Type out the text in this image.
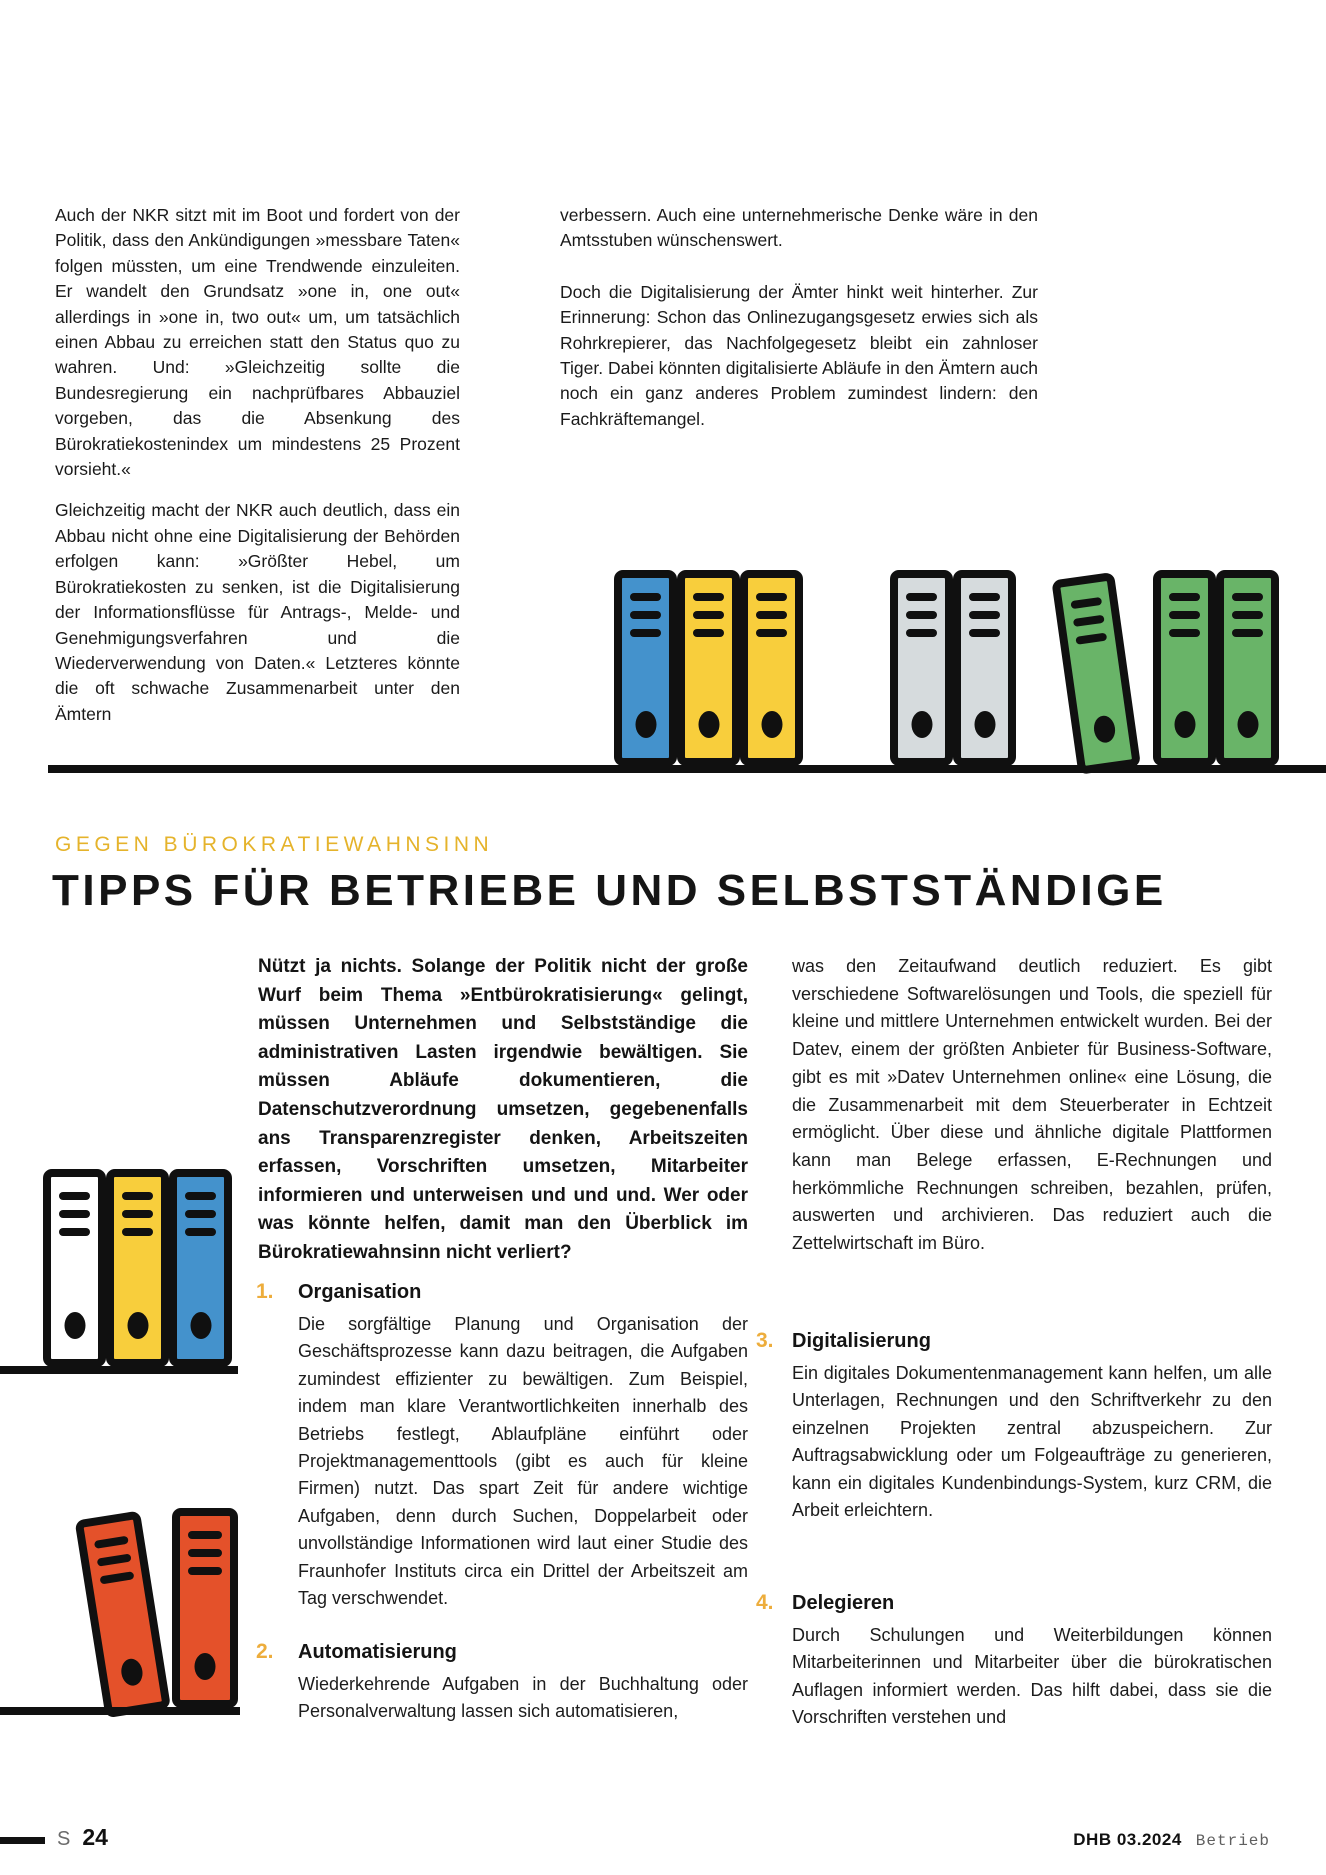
Auch der NKR sitzt mit im Boot und fordert von der Politik, dass den Ankündigungen »messbare Taten« folgen müssten, um eine Trendwende einzuleiten. Er wandelt den Grundsatz »one in, one out« allerdings in »one in, two out« um, um tatsächlich einen Abbau zu erreichen statt den Status quo zu wahren. Und: »Gleichzeitig sollte die Bundesregierung ein nachprüfbares Abbauziel vorgeben, das die Absenkung des Bürokratiekostenindex um mindestens 25 Prozent vorsieht.«

Gleichzeitig macht der NKR auch deutlich, dass ein Abbau nicht ohne eine Digitalisierung der Behörden erfolgen kann: »Größter Hebel, um Bürokratiekosten zu senken, ist die Digitalisierung der Informationsflüsse für Antrags-, Melde- und Genehmigungsverfahren und die Wiederverwendung von Daten.« Letzteres könnte die oft schwache Zusammenarbeit unter den Ämtern

verbessern. Auch eine unternehmerische Denke wäre in den Amtsstuben wünschenswert.

Doch die Digitalisierung der Ämter hinkt weit hinterher. Zur Erinnerung: Schon das Onlinezugangsgesetz erwies sich als Rohrkrepierer, das Nachfolgegesetz bleibt ein zahnloser Tiger. Dabei könnten digitalisierte Abläufe in den Ämtern auch noch ein ganz anderes Problem zumindest lindern: den Fachkräftemangel.

GEGEN BÜROKRATIEWAHNSINN
TIPPS FÜR BETRIEBE UND SELBSTSTÄNDIGE
Nützt ja nichts. Solange der Politik nicht der große Wurf beim Thema »Entbürokratisierung« gelingt, müssen Unternehmen und Selbstständige die administrativen Lasten irgendwie bewältigen. Sie müssen Abläufe dokumentieren, die Datenschutzverordnung umsetzen, gegebenenfalls ans Transparenzregister denken, Arbeitszeiten erfassen, Vorschriften umsetzen, Mitarbeiter informieren und unterweisen und und und. Wer oder was könnte helfen, damit man den Überblick im Bürokratiewahnsinn nicht verliert?
1. Organisation

Die sorgfältige Planung und Organisation der Geschäftsprozesse kann dazu beitragen, die Aufgaben zumindest effizienter zu bewältigen. Zum Beispiel, indem man klare Verantwortlichkeiten innerhalb des Betriebs festlegt, Ablaufpläne einführt oder Projektmanagementtools (gibt es auch für kleine Firmen) nutzt. Das spart Zeit für andere wichtige Aufgaben, denn durch Suchen, Doppelarbeit oder unvollständige Informationen wird laut einer Studie des Fraunhofer Instituts circa ein Drittel der Arbeitszeit am Tag verschwendet.

2. Automatisierung

Wiederkehrende Aufgaben in der Buchhaltung oder Personalverwaltung lassen sich automatisieren,

was den Zeitaufwand deutlich reduziert. Es gibt verschiedene Softwarelösungen und Tools, die speziell für kleine und mittlere Unternehmen entwickelt wurden. Bei der Datev, einem der größten Anbieter für Business-Software, gibt es mit »Datev Unternehmen online« eine Lösung, die die Zusammenarbeit mit dem Steuerberater in Echtzeit ermöglicht. Über diese und ähnliche digitale Plattformen kann man Belege erfassen, E-Rechnungen und herkömmliche Rechnungen schreiben, bezahlen, prüfen, auswerten und archivieren. Das reduziert auch die Zettelwirtschaft im Büro.

3. Digitalisierung

Ein digitales Dokumentenmanagement kann helfen, um alle Unterlagen, Rechnungen und den Schriftverkehr zu den einzelnen Projekten zentral abzuspeichern. Zur Auftragsabwicklung oder um Folgeaufträge zu generieren, kann ein digitales Kundenbindungs-System, kurz CRM, die Arbeit erleichtern.

4. Delegieren

Durch Schulungen und Weiterbildungen können Mitarbeiterinnen und Mitarbeiter über die bürokratischen Auflagen informiert werden. Das hilft dabei, dass sie die Vorschriften verstehen und

S 24	DHB 03.2024 Betrieb
